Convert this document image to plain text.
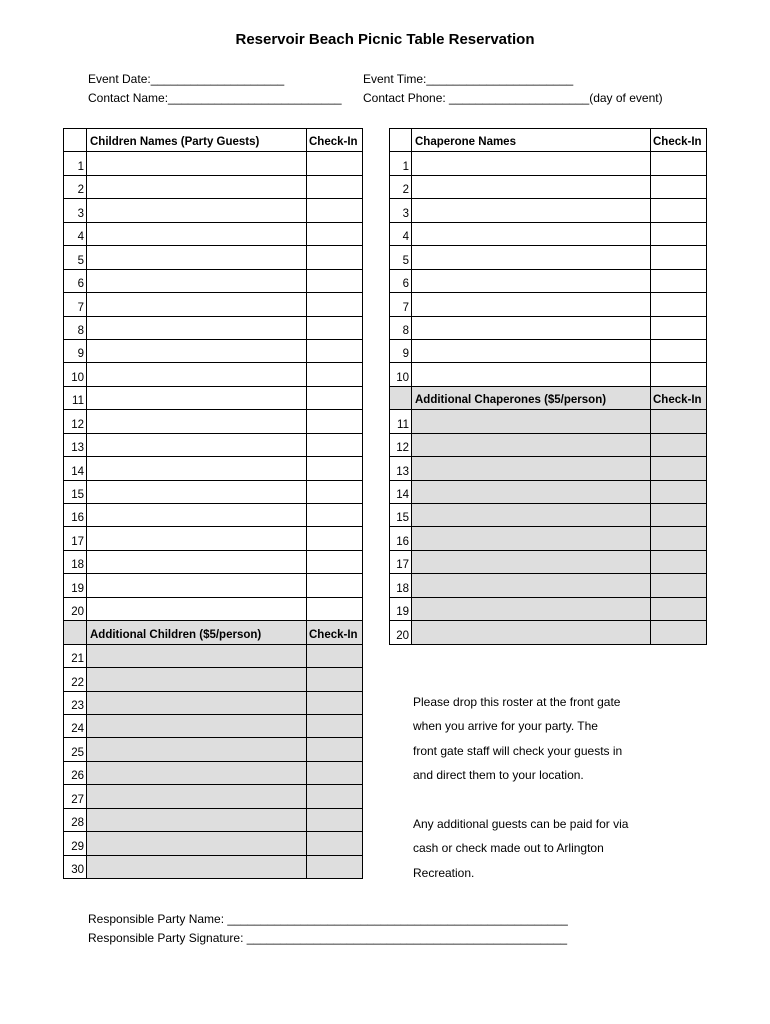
Reservoir Beach Picnic Table Reservation
Event Date:____________________	Event Time:______________________
Contact Name:__________________________ Contact Phone: _____________________(day of event)
	Children Names (Party Guests)	Check-In
1		
2		
3		
4		
5		
6		
7		
8		
9		
10		
11		
12		
13		
14		
15		
16		
17		
18		
19		
20		
	Additional Children ($5/person)	Check-In
21		
22		
23		
24		
25		
26		
27		
28		
29		
30		
	Chaperone Names	Check-In
1		
2		
3		
4		
5		
6		
7		
8		
9		
10		
	Additional Chaperones ($5/person)	Check-In
11		
12		
13		
14		
15		
16		
17		
18		
19		
20		

Please drop this roster at the front gate

when you arrive for your party. The

front gate staff will check your guests in

and direct them to your location.

Any additional guests can be paid for via

cash or check made out to Arlington

Recreation.

Responsible Party Name: ___________________________________________________
Responsible Party Signature: ________________________________________________
